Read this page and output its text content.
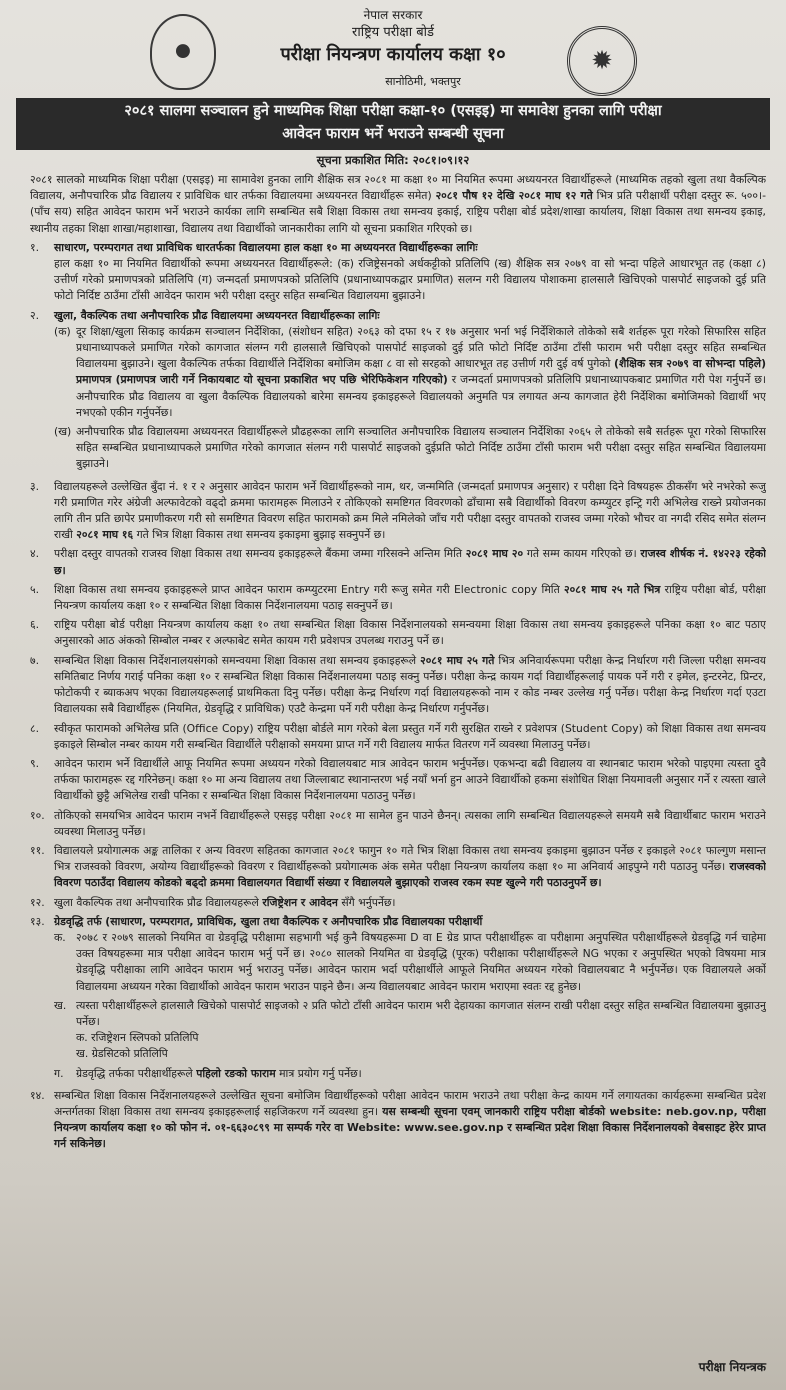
⚫	✹
नेपाल सरकार
राष्ट्रिय परीक्षा बोर्ड
परीक्षा नियन्त्रण कार्यालय कक्षा १०
सानोठिमी, भक्तपुर
२०८१ सालमा सञ्चालन हुने माध्यमिक शिक्षा परीक्षा कक्षा-१० (एसइइ) मा समावेश हुनका लागि परीक्षा
आवेदन फाराम भर्ने भराउने सम्बन्धी सूचना
सूचना प्रकाशित मिति: २०८१।०९।१२

२०८१ सालको माध्यमिक शिक्षा परीक्षा (एसइइ) मा सामावेश हुनका लागि शैक्षिक सत्र २०८१ मा कक्षा १० मा नियमित रूपमा अध्ययनरत विद्यार्थीहरूले (माध्यमिक तहको खुला तथा वैकल्पिक विद्यालय, अनौपचारिक प्रौढ विद्यालय र प्राविधिक धार तर्फका विद्यालयमा अध्ययनरत विद्यार्थीहरू समेत) २०८१ पौष १२ देखि २०८१ माघ १२ गते भित्र प्रति परीक्षार्थी परीक्षा दस्तुर रू. ५००।- (पाँच सय) सहित आवेदन फाराम भर्ने भराउने कार्यका लागि सम्बन्धित सबै शिक्षा विकास तथा समन्वय इकाई, राष्ट्रिय परीक्षा बोर्ड प्रदेश/शाखा कार्यालय, शिक्षा विकास तथा समन्वय इकाइ, स्थानीय तहका शिक्षा शाखा/महाशाखा, विद्यालय तथा विद्यार्थीको जानकारीका लागि यो सूचना प्रकाशित गरिएको छ।

१.	साधारण, परम्परागत तथा प्राविधिक धारतर्फका विद्यालयमा हाल कक्षा १० मा अध्ययनरत विद्यार्थीहरूका लागिः
हाल कक्षा १० मा नियमित विद्यार्थीको रूपमा अध्ययनरत विद्यार्थीहरूले: (क) रजिष्ट्रेसनको अर्धकट्टीको प्रतिलिपि (ख) शैक्षिक सत्र २०७९ वा सो भन्दा पहिले आधारभूत तह (कक्षा ८) उत्तीर्ण गरेको प्रमाणपत्रको प्रतिलिपि (ग) जन्मदर्ता प्रमाणपत्रको प्रतिलिपि (प्रधानाध्यापकद्वार प्रमाणित) सलग्न गरी विद्यालय पोशाकमा हालसालै खिचिएको पासपोर्ट साइजको दुई प्रति फोटो निर्दिष्ट ठाउँमा टाँसी आवेदन फाराम भरी परीक्षा दस्तुर सहित सम्बन्धित विद्यालयमा बुझाउने।
२.	खुला, वैकल्पिक तथा अनौपचारिक प्रौढ विद्यालयमा अध्ययनरत विद्यार्थीहरूका लागिः
(क) दूर शिक्षा/खुला सिकाइ कार्यक्रम सञ्चालन निर्देशिका, (संशोधन सहित) २०६३ को दफा १५ र १७ अनुसार भर्ना भई निर्देशिकाले तोकेको सबै शर्तहरू पूरा गरेको सिफारिस सहित प्रधानाध्यापकले प्रमाणित गरेको कागजात संलग्न गरी हालसालै खिचिएको पासपोर्ट साइजको दुई प्रति फोटो निर्दिष्ट ठाउँमा टाँसी फाराम भरी परीक्षा दस्तुर सहित सम्बन्धित विद्यालयमा बुझाउने। खुला वैकल्पिक तर्फका विद्यार्थीले निर्देशिका बमोजिम कक्षा ८ वा सो सरहको आधारभूत तह उत्तीर्ण गरी दुई वर्ष पुगेको (शैक्षिक सत्र २०७९ वा सोभन्दा पहिले) प्रमाणपत्र (प्रमाणपत्र जारी गर्ने निकायबाट यो सूचना प्रकाशित भए पछि भेरिफिकेशन गरिएको) र जन्मदर्ता प्रमाणपत्रको प्रतिलिपि प्रधानाध्यापकबाट प्रमाणित गरी पेश गर्नुपर्ने छ। अनौपचारिक प्रौढ विद्यालय वा खुला वैकल्पिक विद्यालयको बारेमा समन्वय इकाइहरूले विद्यालयको अनुमति पत्र लगायत अन्य कागजात हेरी निर्देशिका बमोजिमको विद्यार्थी भए नभएको एकीन गर्नुपर्नेछ।
(ख) अनौपचारिक प्रौढ विद्यालयमा अध्ययनरत विद्यार्थीहरूले प्रौढहरूका लागि सञ्चालित अनौपचारिक विद्यालय सञ्चालन निर्देशिका २०६५ ले तोकेको सबै सर्तहरू पूरा गरेको सिफारिस सहित सम्बन्धित प्रधानाध्यापकले प्रमाणित गरेको कागजात संलग्न गरी पासपोर्ट साइजको दुईप्रति फोटो निर्दिष्ट ठाउँमा टाँसी फाराम भरी परीक्षा दस्तुर सहित सम्बन्धित विद्यालयमा बुझाउने।
३.	विद्यालयहरूले उल्लेखित बुँदा नं. १ र २ अनुसार आवेदन फाराम भर्ने विद्यार्थीहरूको नाम, थर, जन्ममिति (जन्मदर्ता प्रमाणपत्र अनुसार) र परीक्षा दिने विषयहरू ठीकसँग भरे नभरेको रूजु गरी प्रमाणित गरेर अंग्रेजी अल्फावेटको वढ्दो क्रममा फारामहरू मिलाउने र तोकिएको समष्टिगत विवरणको ढाँचामा सबै विद्यार्थीको विवरण कम्प्युटर इन्ट्रि गरी अभिलेख राख्ने प्रयोजनका लागि तीन प्रति छापेर प्रमाणीकरण गरी सो समष्टिगत विवरण सहित फारामको क्रम मिले नमिलेको जाँच गरी परीक्षा दस्तुर वापतको राजस्व जम्मा गरेको भौचर वा नगदी रसिद समेत संलग्न राखी २०८१ माघ १६ गते भित्र शिक्षा विकास तथा समन्वय इकाइमा बुझाइ सक्नुपर्ने छ।
४.	परीक्षा दस्तुर वापतको राजस्व शिक्षा विकास तथा समन्वय इकाइहरूले बैंकमा जम्मा गरिसक्ने अन्तिम मिति २०८१ माघ २० गते सम्म कायम गरिएको छ। राजस्व शीर्षक नं. १४२२३ रहेको छ।
५.	शिक्षा विकास तथा समन्वय इकाइहरूले प्राप्त आवेदन फाराम कम्प्युटरमा Entry गरी रूजु समेत गरी Electronic copy मिति २०८१ माघ २५ गते भित्र राष्ट्रिय परीक्षा बोर्ड, परीक्षा नियन्त्रण कार्यालय कक्षा १० र सम्बन्धित शिक्षा विकास निर्देशनालयमा पठाइ सक्नुपर्ने छ।
६.	राष्ट्रिय परीक्षा बोर्ड परीक्षा नियन्त्रण कार्यालय कक्षा १० तथा सम्बन्धित शिक्षा विकास निर्देशनालयको समन्वयमा शिक्षा विकास तथा समन्वय इकाइहरूले पनिका कक्षा १० बाट पठाए अनुसारको आठ अंकको सिम्बोल नम्बर र अल्फाबेट समेत कायम गरी प्रवेशपत्र उपलब्ध गराउनु पर्ने छ।
७.	सम्बन्धित शिक्षा विकास निर्देशनालयसंगको समन्वयमा शिक्षा विकास तथा समन्वय इकाइहरूले २०८१ माघ २५ गते भित्र अनिवार्यरूपमा परीक्षा केन्द्र निर्धारण गरी जिल्ला परीक्षा समन्वय समितिबाट निर्णय गराई पनिका कक्षा १० र सम्बन्धित शिक्षा विकास निर्देशनालयमा पठाइ सक्नु पर्नेछ। परीक्षा केन्द्र कायम गर्दा विद्यार्थीहरूलाई पायक पर्ने गरी र इमेल, इन्टरनेट, प्रिन्टर, फोटोकपी र ब्याकअप भएका विद्यालयहरूलाई प्राथमिकता दिनु पर्नेछ। परीक्षा केन्द्र निर्धारण गर्दा विद्यालयहरूको नाम र कोड नम्बर उल्लेख गर्नु पर्नेछ। परीक्षा केन्द्र निर्धारण गर्दा एउटा विद्यालयका सबै विद्यार्थीहरू (नियमित, ग्रेडवृद्धि र प्राविधिक) एउटै केन्द्रमा पर्ने गरी परीक्षा केन्द्र निर्धारण गर्नुपर्नेछ।
८.	स्वीकृत फारामको अभिलेख प्रति (Office Copy) राष्ट्रिय परीक्षा बोर्डले माग गरेको बेला प्रस्तुत गर्ने गरी सुरक्षित राख्ने र प्रवेशपत्र (Student Copy) को शिक्षा विकास तथा समन्वय इकाइले सिम्बोल नम्बर कायम गरी सम्बन्धित विद्यार्थीले परीक्षाको समयमा प्राप्त गर्ने गरी विद्यालय मार्फत वितरण गर्ने व्यवस्था मिलाउनु पर्नेछ।
९.	आवेदन फाराम भर्ने विद्यार्थीले आफू नियमित रूपमा अध्ययन गरेको विद्यालयबाट मात्र आवेदन फाराम भर्नुपर्नेछ। एकभन्दा बढी विद्यालय वा स्थानबाट फाराम भरेको पाइएमा त्यस्ता दुवै तर्फका फारामहरू रद्द गरिनेछन्। कक्षा १० मा अन्य विद्यालय तथा जिल्लाबाट स्थानान्तरण भई नयाँ भर्ना हुन आउने विद्यार्थीको हकमा संशोधित शिक्षा नियमावली अनुसार गर्ने र त्यस्ता खाले विद्यार्थीको छुट्टै अभिलेख राखी पनिका र सम्बन्धित शिक्षा विकास निर्देशनालयमा पठाउनु पर्नेछ।
१०. तोकिएको समयभित्र आवेदन फाराम नभर्ने विद्यार्थीहरूले एसइइ परीक्षा २०८१ मा सामेल हुन पाउने छैनन्। त्यसका लागि सम्बन्धित विद्यालयहरूले समयमै सबै विद्यार्थीबाट फाराम भराउने व्यवस्था मिलाउनु पर्नेछ।
११. विद्यालयले प्रयोगात्मक अङ्क तालिका र अन्य विवरण सहितका कागजात २०८१ फागुन १० गते भित्र शिक्षा विकास तथा समन्वय इकाइमा बुझाउन पर्नेछ र इकाइले २०८१ फाल्गुण मसान्त भित्र राजस्वको विवरण, अयोग्य विद्यार्थीहरूको विवरण र विद्यार्थीहरूको प्रयोगात्मक अंक समेत परीक्षा नियन्त्रण कार्यालय कक्षा १० मा अनिवार्य आइपुग्ने गरी पठाउनु पर्नेछ। राजस्वको विवरण पठाउँदा विद्यालय कोडको बढ्दो क्रममा विद्यालयगत विद्यार्थी संख्या र विद्यालयले बुझाएको राजस्व रकम स्पष्ट खुल्ने गरी पठाउनुपर्ने छ।
१२. खुला वैकल्पिक तथा अनौपचारिक प्रौढ विद्यालयहरूले रजिष्ट्रेशन र आवेदन सँगै भर्नुपर्नेछ।
१३. ग्रेडवृद्धि तर्फ (साधारण, परम्परागत, प्राविधिक, खुला तथा वैकल्पिक र अनौपचारिक प्रौढ विद्यालयका परीक्षार्थी
क. २०७८ र २०७९ सालको नियमित वा ग्रेडवृद्धि परीक्षामा सहभागी भई कुनै विषयहरूमा D वा E ग्रेड प्राप्त परीक्षार्थीहरू वा परीक्षामा अनुपस्थित परीक्षार्थीहरूले ग्रेडवृद्धि गर्न चाहेमा उक्त विषयहरूमा मात्र परीक्षा आवेदन फाराम भर्नु पर्ने छ। २०८० सालको नियमित वा ग्रेडवृद्धि (पूरक) परीक्षाका परीक्षार्थीहरूले NG भएका र अनुपस्थित भएको विषयमा मात्र ग्रेडवृद्धि परीक्षाका लागि आवेदन फाराम भर्नु भराउनु पर्नेछ। आवेदन फाराम भर्दा परीक्षार्थीले आफूले नियमित अध्ययन गरेको विद्यालयबाट नै भर्नुपर्नेछ। एक विद्यालयले अर्को विद्यालयमा अध्ययन गरेका विद्यार्थीको आवेदन फाराम भराउन पाइने छैन। अन्य विद्यालयबाट आवेदन फाराम भराएमा स्वतः रद्द हुनेछ।
ख. त्यस्ता परीक्षार्थीहरूले हालसालै खिचेको पासपोर्ट साइजको २ प्रति फोटो टाँसी आवेदन फाराम भरी देहायका कागजात संलग्न राखी परीक्षा दस्तुर सहित सम्बन्धित विद्यालयमा बुझाउनु पर्नेछ।
क. रजिष्ट्रेशन स्लिपको प्रतिलिपि
ख. ग्रेडसिटको प्रतिलिपि
ग.	ग्रेडवृद्धि तर्फका परीक्षार्थीहरूले पहिलो रङको फाराम मात्र प्रयोग गर्नु पर्नेछ।
१४. सम्बन्धित शिक्षा विकास निर्देशनालयहरूले उल्लेखित सूचना बमोजिम विद्यार्थीहरूको परीक्षा आवेदन फाराम भराउने तथा परीक्षा केन्द्र कायम गर्ने लगायतका कार्यहरूमा सम्बन्धित प्रदेश अन्तर्गतका शिक्षा विकास तथा समन्वय इकाइहरूलाई सहजिकरण गर्ने व्यवस्था हुन। यस सम्बन्धी सूचना एवम् जानकारी राष्ट्रिय परीक्षा बोर्डको website: neb.gov.np, परीक्षा नियन्त्रण कार्यालय कक्षा १० को फोन नं. ०१-६६३०८९९ मा सम्पर्क गरेर वा Website: www.see.gov.np र सम्बन्धित प्रदेश शिक्षा विकास निर्देशनालयको वेबसाइट हेरेर प्राप्त गर्न सकिनेछ।
परीक्षा नियन्त्रक
